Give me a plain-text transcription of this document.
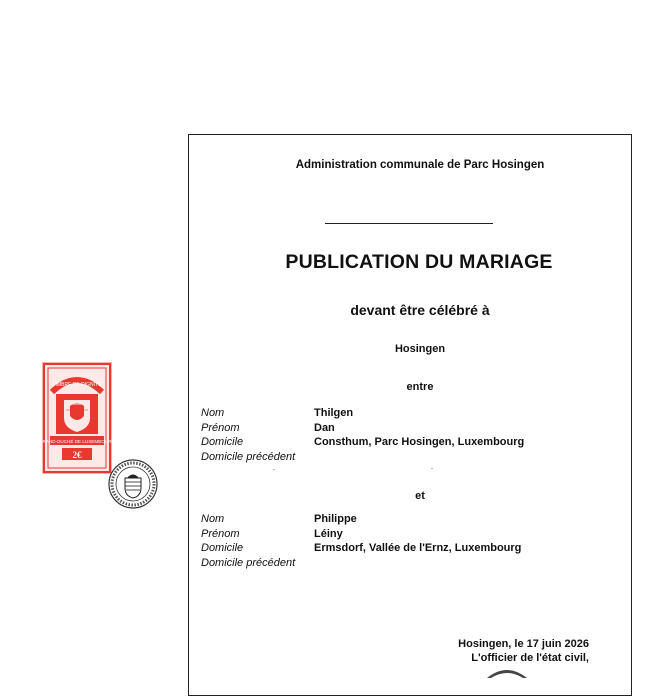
TIMBRE DE DIGNITÉ
GRAND-DUCHÉ DE LUXEMBOURG
2€
Administration communale de Parc Hosingen
PUBLICATION DU MARIAGE
devant être célébré à
Hosingen
entre
Nom	Thilgen
Prénom	Dan
Domicile	Consthum, Parc Hosingen, Luxembourg
Domicile précédent
et
Nom	Philippe
Prénom	Léiny
Domicile	Ermsdorf, Vallée de l'Ernz, Luxembourg
Domicile précédent
Hosingen, le 17 juin 2026
L'officier de l'état civil,
